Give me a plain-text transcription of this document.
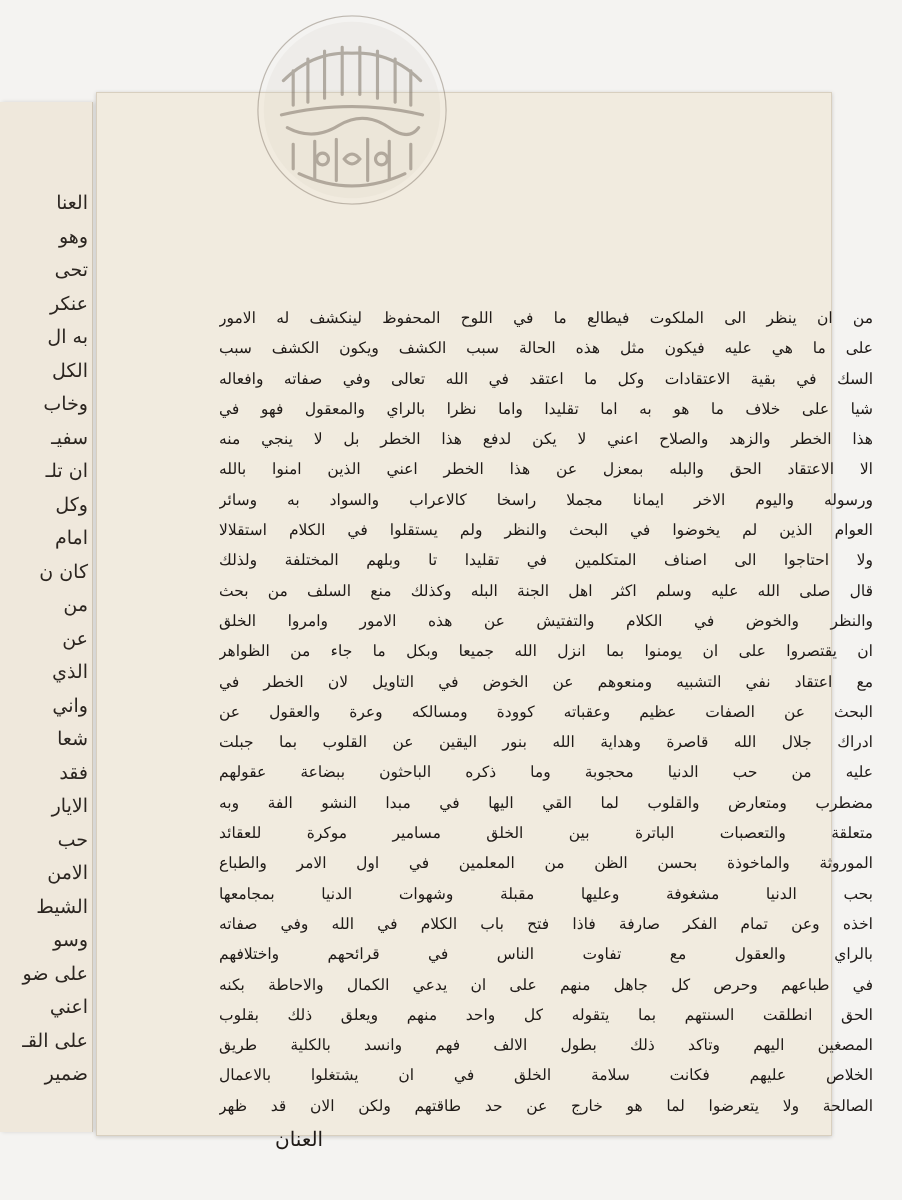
العنا
وهو
تحى
عنكر
به ال
الكل
وخاب
سفيـ
ان تلـ
وكل
امام
كان ن
من
عن
الذي
واني
شعا
فقد
الايار
حب
الامن
الشيط
وسو
على ضو
اعني
على القـ
ضمير
من ان ينظر الى الملكوت فيطالع ما في اللوح المحفوظ لينكشف له الامور
على ما هي عليه فيكون مثل هذه الحالة سبب الكشف ويكون الكشف سبب
السك في بقية الاعتقادات وكل ما اعتقد في الله تعالى وفي صفاته وافعاله
شيا على خلاف ما هو به اما تقليدا واما نظرا بالراي والمعقول فهو في
هذا الخطر والزهد والصلاح اعني لا يكن لدفع هذا الخطر بل لا ينجي منه
الا الاعتقاد الحق والبله بمعزل عن هذا الخطر اعني الذين امنوا بالله
ورسوله واليوم الاخر ايمانا مجملا راسخا كالاعراب والسواد به وسائر
العوام الذين لم يخوضوا في البحث والنظر ولم يستقلوا في الكلام استقلالا
ولا احتاجوا الى اصناف المتكلمين في تقليدا تا وبلهم المختلفة ولذلك
قال صلى الله عليه وسلم اكثر اهل الجنة البله وكذلك منع السلف من بحث
والنظر والخوض في الكلام والتفتيش عن هذه الامور وامروا الخلق
ان يقتصروا على ان يومنوا بما انزل الله جميعا وبكل ما جاء من الظواهر
مع اعتقاد نفي التشبيه ومنعوهم عن الخوض في التاويل لان الخطر في
البحث عن الصفات عظيم وعقباته كوودة ومسالكه وعرة والعقول عن
ادراك جلال الله قاصرة وهداية الله بنور اليقين عن القلوب بما جبلت
عليه من حب الدنيا محجوبة وما ذكره الباحثون ببضاعة عقولهم
مضطرب ومتعارض والقلوب لما القي اليها في مبدا النشو الفة وبه
متعلقة والتعصبات الباترة بين الخلق مسامير موكرة للعقائد
الموروثة والماخوذة بحسن الظن من المعلمين في اول الامر والطباع
بحب الدنيا مشغوفة وعليها مقبلة وشهوات الدنيا بمجامعها
اخذه وعن تمام الفكر صارفة فاذا فتح باب الكلام في الله وفي صفاته
بالراي والعقول مع تفاوت الناس في قرائحهم واختلافهم
في طباعهم وحرص كل جاهل منهم على ان يدعي الكمال والاحاطة بكنه
الحق انطلقت السنتهم بما يتقوله كل واحد منهم ويعلق ذلك بقلوب
المصغين اليهم وتاكد ذلك بطول الالف فهم وانسد بالكلية طريق
الخلاص عليهم فكانت سلامة الخلق في ان يشتغلوا بالاعمال
الصالحة ولا يتعرضوا لما هو خارج عن حد طاقتهم ولكن الان قد ظهر
العنان
